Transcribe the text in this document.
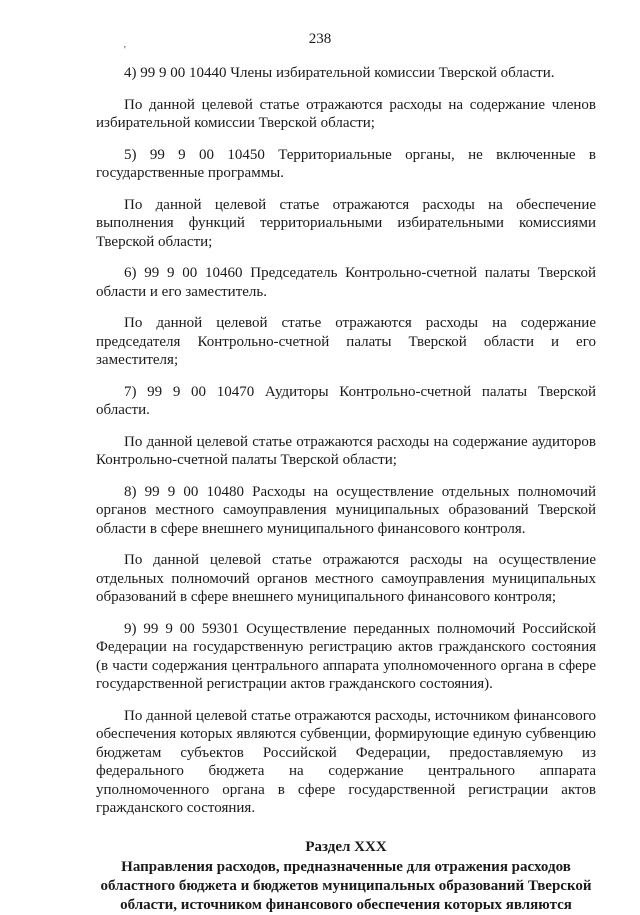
238
'

4) 99 9 00 10440 Члены избирательной комиссии Тверской области.

По данной целевой статье отражаются расходы на содержание членов избирательной комиссии Тверской области;

5) 99 9 00 10450 Территориальные органы, не включенные в государственные программы.

По данной целевой статье отражаются расходы на обеспечение выполнения функций территориальными избирательными комиссиями Тверской области;

6) 99 9 00 10460 Председатель Контрольно-счетной палаты Тверской области и его заместитель.

По данной целевой статье отражаются расходы на содержание председателя Контрольно-счетной палаты Тверской области и его заместителя;

7) 99 9 00 10470 Аудиторы Контрольно-счетной палаты Тверской области.

По данной целевой статье отражаются расходы на содержание аудиторов Контрольно-счетной палаты Тверской области;

8) 99 9 00 10480 Расходы на осуществление отдельных полномочий органов местного самоуправления муниципальных образований Тверской области в сфере внешнего муниципального финансового контроля.

По данной целевой статье отражаются расходы на осуществление отдельных полномочий органов местного самоуправления муниципальных образований в сфере внешнего муниципального финансового контроля;

9) 99 9 00 59301 Осуществление переданных полномочий Российской Федерации на государственную регистрацию актов гражданского состояния (в части содержания центрального аппарата уполномоченного органа в сфере государственной регистрации актов гражданского состояния).

По данной целевой статье отражаются расходы, источником финансового обеспечения которых являются субвенции, формирующие единую субвенцию бюджетам субъектов Российской Федерации, предоставляемую из федерального бюджета на содержание центрального аппарата уполномоченного органа в сфере государственной регистрации актов гражданского состояния.

Раздел XXX
Направления расходов, предназначенные для отражения расходов областного бюджета и бюджетов муниципальных образований Тверской области, источником финансового обеспечения которых являются
